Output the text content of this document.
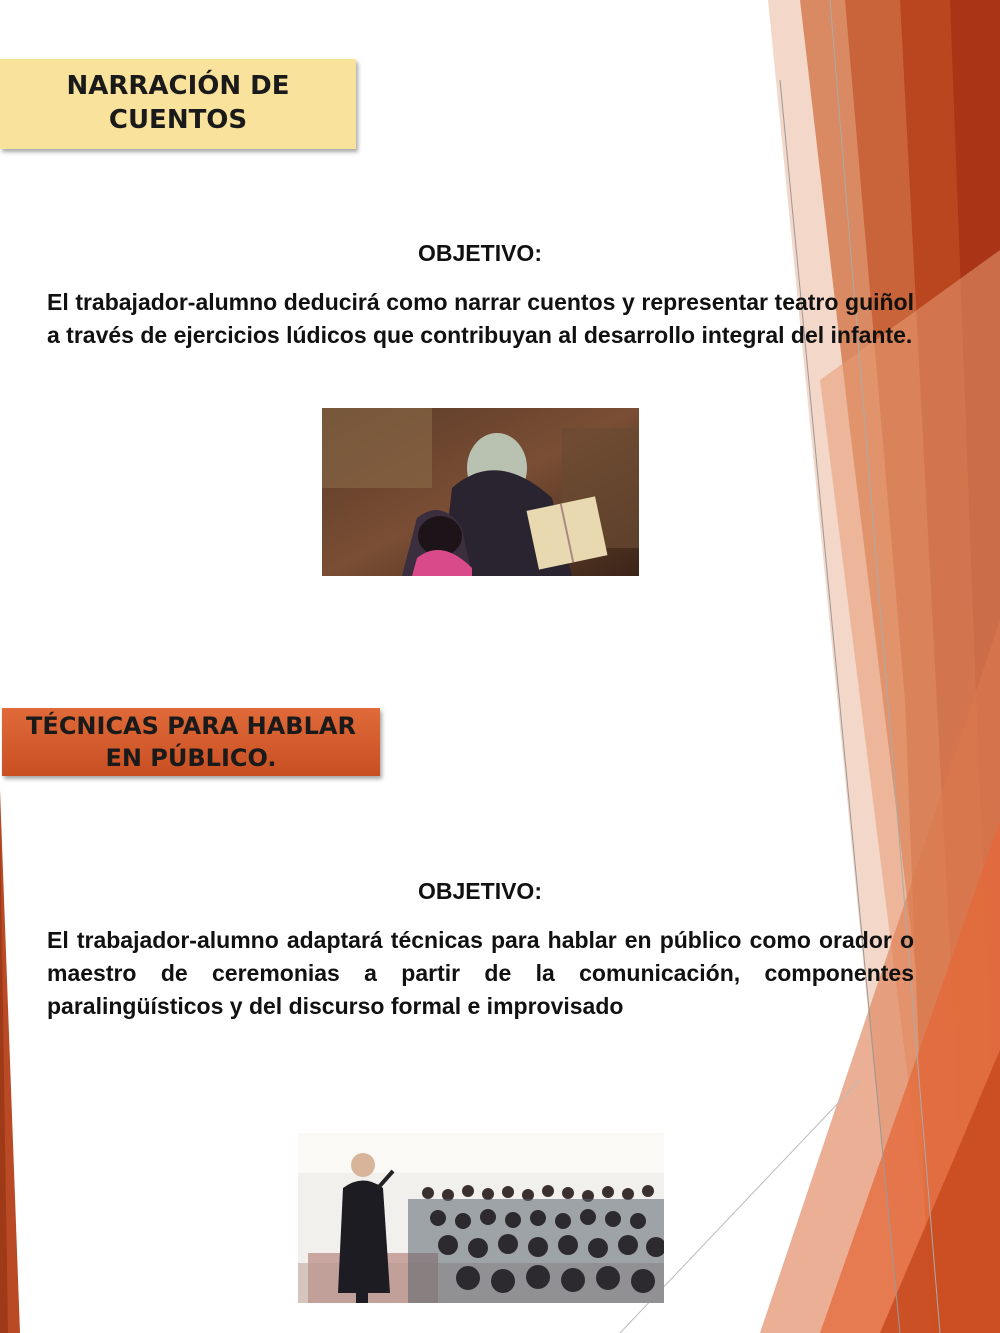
NARRACIÓN DE
CUENTOS
OBJETIVO:
El trabajador-alumno deducirá como narrar cuentos y representar teatro guiñol a través de ejercicios lúdicos que contribuyan al desarrollo integral del infante.
TÉCNICAS PARA HABLAR
EN PÚBLICO.
OBJETIVO:
El trabajador-alumno adaptará técnicas para hablar en público como orador o maestro de ceremonias a partir de la comunicación, componentes paralingüísticos y del discurso formal e improvisado
